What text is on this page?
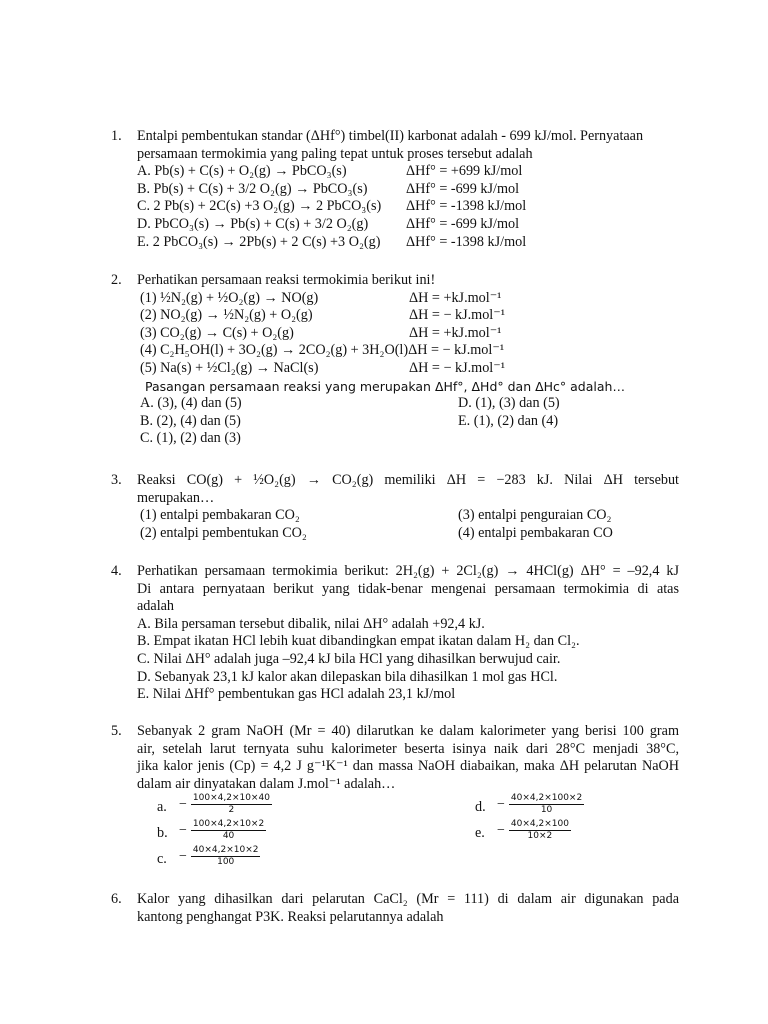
1. Entalpi pembentukan standar (ΔHf°) timbel(II) karbonat adalah - 699 kJ/mol. Pernyataan
persamaan termokimia yang paling tepat untuk proses tersebut adalah
A. Pb(s) + C(s) + O₂(g) → PbCO₃(s)	ΔHf° = +699 kJ/mol
B. Pb(s) + C(s) + 3/2 O₂(g) → PbCO₃(s)	ΔHf° = -699 kJ/mol
C. 2 Pb(s) + 2C(s) +3 O₂(g) → 2 PbCO₃(s) ΔHf° = -1398 kJ/mol
D. PbCO₃(s) → Pb(s) + C(s) + 3/2 O₂(g)	ΔHf° = -699 kJ/mol
E. 2 PbCO₃(s) → 2Pb(s) + 2 C(s) +3 O₂(g) ΔHf° = -1398 kJ/mol
2. Perhatikan persamaan reaksi termokimia berikut ini!
(1) ½N₂(g) + ½O₂(g) → NO(g)	ΔH = +kJ.mol⁻¹
(2) NO₂(g) → ½N₂(g) + O₂(g)	ΔH = − kJ.mol⁻¹
(3) CO₂(g) → C(s) + O₂(g)	ΔH = +kJ.mol⁻¹
(4) C₂H₅OH(l) + 3O₂(g) → 2CO₂(g) + 3H₂O(l)ΔH = − kJ.mol⁻¹
(5) Na(s) + ½Cl₂(g) → NaCl(s)	ΔH = − kJ.mol⁻¹
Pasangan persamaan reaksi yang merupakan ΔHf°, ΔHd° dan ΔHc° adalah…
A. (3), (4) dan (5)	D. (1), (3) dan (5)
B. (2), (4) dan (5)	E. (1), (2) dan (4)
C. (1), (2) dan (3)
3. Reaksi CO(g) + ½O₂(g) → CO₂(g) memiliki ΔH = −283 kJ. Nilai ΔH tersebut
merupakan…
(1) entalpi pembakaran CO₂	(3) entalpi penguraian CO₂
(2) entalpi pembentukan CO₂	(4) entalpi pembakaran CO
4. Perhatikan persamaan termokimia berikut: 2H₂(g) + 2Cl₂(g) → 4HCl(g) ΔH° = –92,4 kJ
Di antara pernyataan berikut yang tidak-benar mengenai persamaan termokimia di atas
adalah
A. Bila persaman tersebut dibalik, nilai ΔH° adalah +92,4 kJ.
B. Empat ikatan HCl lebih kuat dibandingkan empat ikatan dalam H₂ dan Cl₂.
C. Nilai ΔH° adalah juga –92,4 kJ bila HCl yang dihasilkan berwujud cair.
D. Sebanyak 23,1 kJ kalor akan dilepaskan bila dihasilkan 1 mol gas HCl.
E. Nilai ΔHf° pembentukan gas HCl adalah 23,1 kJ/mol
5. Sebanyak 2 gram NaOH (Mr = 40) dilarutkan ke dalam kalorimeter yang berisi 100 gram
air, setelah larut ternyata suhu kalorimeter beserta isinya naik dari 28°C menjadi 38°C,
jika kalor jenis (Cp) = 4,2 J g⁻¹K⁻¹ dan massa NaOH diabaikan, maka ΔH pelarutan NaOH
dalam air dinyatakan dalam J.mol⁻¹ adalah…
a. − $\frac{100\times 4,2\times 10\times 40}{2}$	d. − $\frac{40\times 4,2\times 100\times 2}{10}$
b. − $\frac{100\times 4,2\times 10\times 2}{40}$	e. − $\frac{40\times 4,2\times 100}{10\times 2}$
c. − $\frac{40\times 4,2\times 10\times 2}{100}$
6. Kalor yang dihasilkan dari pelarutan CaCl₂ (Mr = 111) di dalam air digunakan pada
kantong penghangat P3K. Reaksi pelarutannya adalah
